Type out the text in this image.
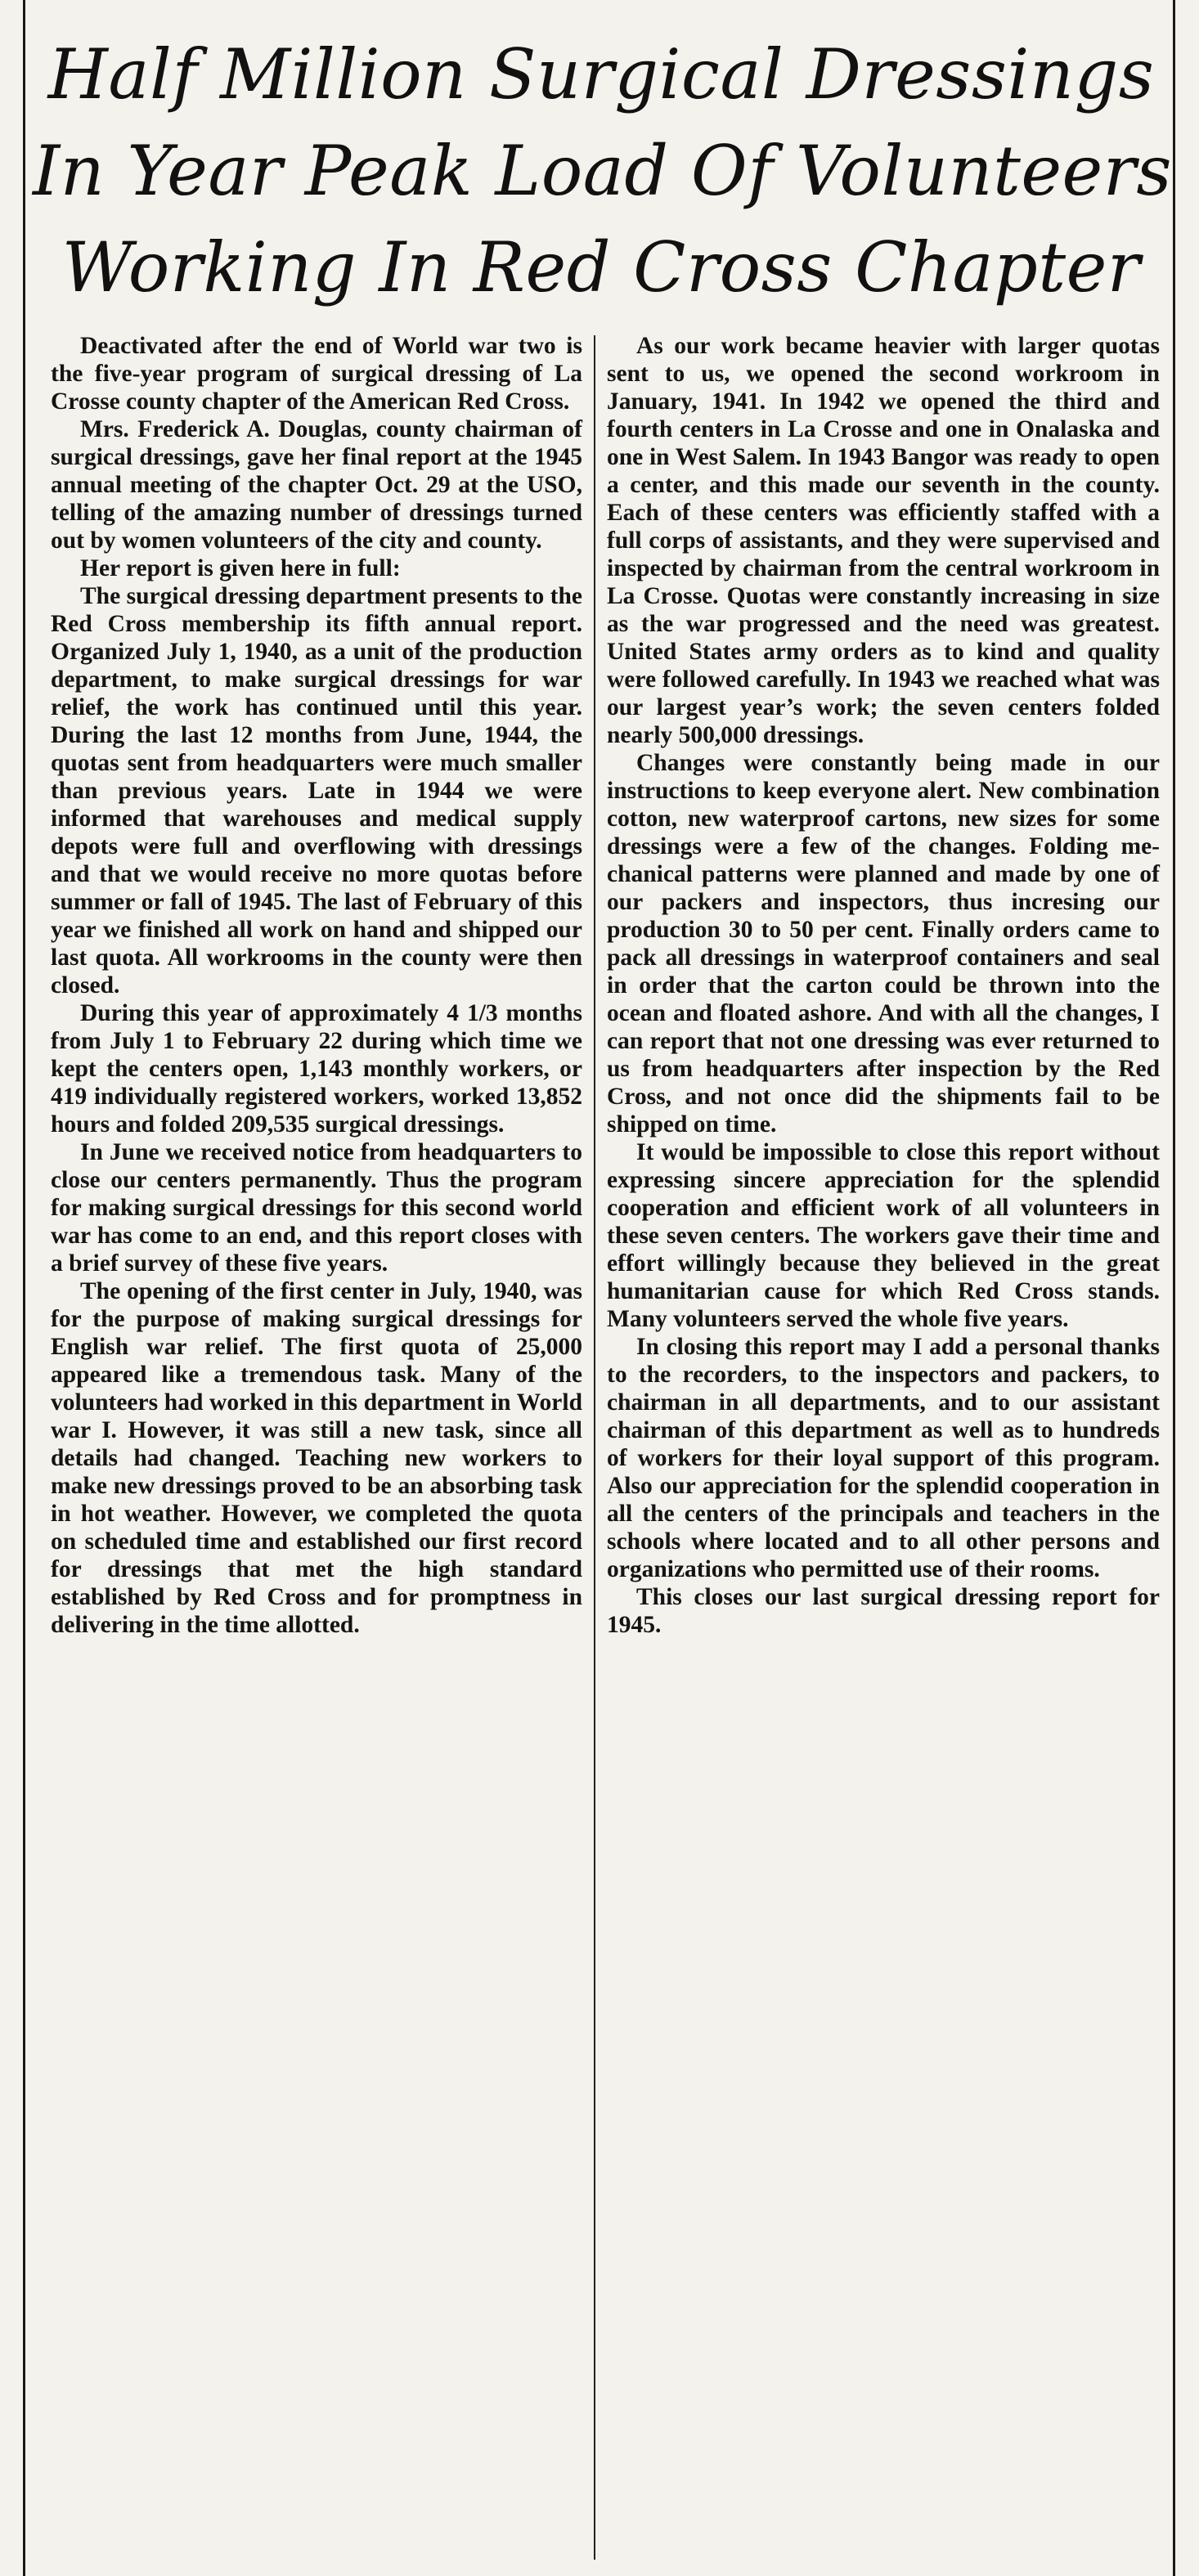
Half Million Surgical Dressings
In Year Peak Load Of Volunteers
Working In Red Cross Chapter

Deactivated after the end of World war two is the five-year program of surgical dressing of La Crosse county chapter of the American Red Cross.

Mrs. Frederick A. Douglas, county chairman of surgical dressings, gave her final report at the 1945 annual meeting of the chapter Oct. 29 at the USO, telling of the amazing number of dressings turned out by women volunteers of the city and county.

Her report is given here in full:

The surgical dressing department presents to the Red Cross membership its fifth annual report. Organized July 1, 1940, as a unit of the production department, to make surgical dressings for war relief, the work has continued until this year. During the last 12 months from June, 1944, the quotas sent from headquarters were much smaller than previous years. Late in 1944 we were informed that warehouses and medical supply depots were full and overflowing with dressings and that we would receive no more quotas before summer or fall of 1945. The last of February of this year we finished all work on hand and shipped our last quota. All workrooms in the county were then closed.

During this year of approximately 4 1/3 months from July 1 to February 22 during which time we kept the centers open, 1,143 monthly workers, or 419 individually registered workers, worked 13,852 hours and folded 209,535 surgical dressings.

In June we received notice from headquarters to close our centers permanently. Thus the program for making surgical dressings for this second world war has come to an end, and this report closes with a brief survey of these five years.

The opening of the first center in July, 1940, was for the purpose of making surgical dressings for English war relief. The first quota of 25,000 appeared like a tremendous task. Many of the volunteers had worked in this department in World war I. However, it was still a new task, since all details had changed. Teaching new workers to make new dressings proved to be an absorbing task in hot weather. However, we completed the quota on scheduled time and established our first record for dressings that met the high standard established by Red Cross and for promptness in delivering in the time allotted.

As our work became heavier with larger quotas sent to us, we opened the second workroom in January, 1941. In 1942 we opened the third and fourth centers in La Crosse and one in Onalaska and one in West Salem. In 1943 Bangor was ready to open a center, and this made our seventh in the county. Each of these centers was efficiently staffed with a full corps of assistants, and they were supervised and inspected by chairman from the central workroom in La Crosse. Quotas were constantly increasing in size as the war progressed and the need was greatest. United States army orders as to kind and quality were followed carefully. In 1943 we reached what was our largest year’s work; the seven centers folded nearly 500,000 dressings.

Changes were constantly being made in our instructions to keep everyone alert. New combination cotton, new waterproof cartons, new sizes for some dressings were a few of the changes. Folding mechanical patterns were planned and made by one of our packers and inspectors, thus incresing our production 30 to 50 per cent. Finally orders came to pack all dressings in waterproof containers and seal in order that the carton could be thrown into the ocean and floated ashore. And with all the changes, I can report that not one dressing was ever returned to us from headquarters after inspection by the Red Cross, and not once did the shipments fail to be shipped on time.

It would be impossible to close this report without expressing sincere appreciation for the splendid cooperation and efficient work of all volunteers in these seven centers. The workers gave their time and effort willingly because they believed in the great humanitarian cause for which Red Cross stands. Many volunteers served the whole five years.

In closing this report may I add a personal thanks to the recorders, to the inspectors and packers, to chairman in all departments, and to our assistant chairman of this department as well as to hundreds of workers for their loyal support of this program. Also our appreciation for the splendid cooperation in all the centers of the principals and teachers in the schools where located and to all other persons and organizations who permitted use of their rooms.

This closes our last surgical dressing report for 1945.
